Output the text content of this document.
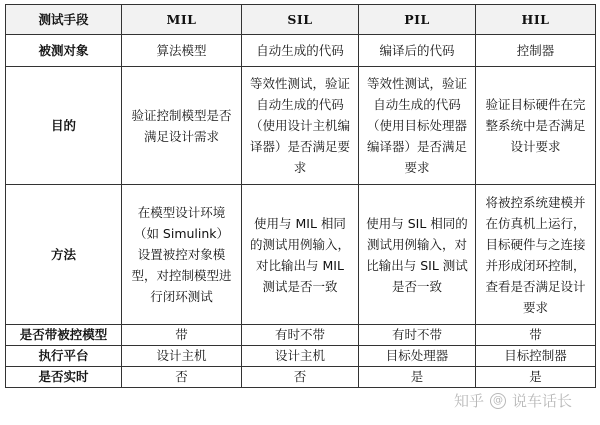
测试手段	MIL	SIL	PIL	HIL
被测对象	算法模型	自动生成的代码	编译后的代码	控制器
目的	验证控制模型是否满足设计需求	等效性测试，验证自动生成的代码（使用设计主机编译器）是否满足要求	等效性测试，验证自动生成的代码（使用目标处理器编译器）是否满足要求	验证目标硬件在完整系统中是否满足设计要求
方法	在模型设计环境（如 Simulink）设置被控对象模型，对控制模型进行闭环测试	使用与 MIL 相同的测试用例输入，对比输出与 MIL 测试是否一致	使用与 SIL 相同的测试用例输入，对比输出与 SIL 测试是否一致	将被控系统建模并在仿真机上运行，目标硬件与之连接并形成闭环控制，查看是否满足设计要求
是否带被控模型	带	有时不带	有时不带	带
执行平台	设计主机	设计主机	目标处理器	目标控制器
是否实时	否	否	是	是
知乎 @ 说车话长
